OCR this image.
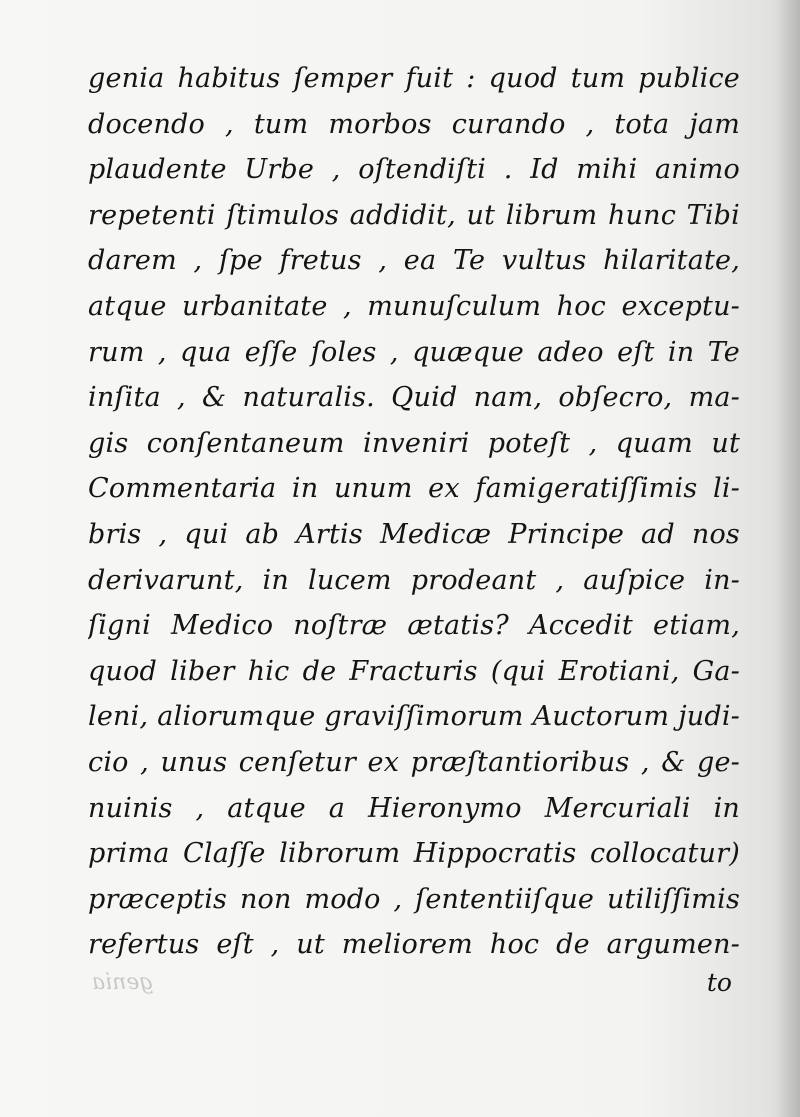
genia habitus ſemper fuit : quod tum publice
docendo , tum morbos curando , tota jam
plaudente Urbe , oſtendiſti . Id mihi animo
repetenti ſtimulos addidit, ut librum hunc Tibi
darem , ſpe fretus , ea Te vultus hilaritate,
atque urbanitate , munuſculum hoc exceptu-
rum , qua eſſe ſoles , quæque adeo eſt in Te
inſita , & naturalis. Quid nam, obſecro, ma-
gis conſentaneum inveniri poteſt , quam ut
Commentaria in unum ex famigeratiſſimis li-
bris , qui ab Artis Medicæ Principe ad nos
derivarunt, in lucem prodeant , auſpice in-
ſigni Medico noſtræ ætatis? Accedit etiam,
quod liber hic de Fracturis (qui Erotiani, Ga-
leni, aliorumque graviſſimorum Auctorum judi-
cio , unus cenſetur ex præſtantioribus , & ge-
nuinis , atque a Hieronymo Mercuriali in
prima Claſſe librorum Hippocratis collocatur)
præceptis non modo , ſententiiſque utiliſſimis
refertus eſt , ut meliorem hoc de argumen-
genia	to
